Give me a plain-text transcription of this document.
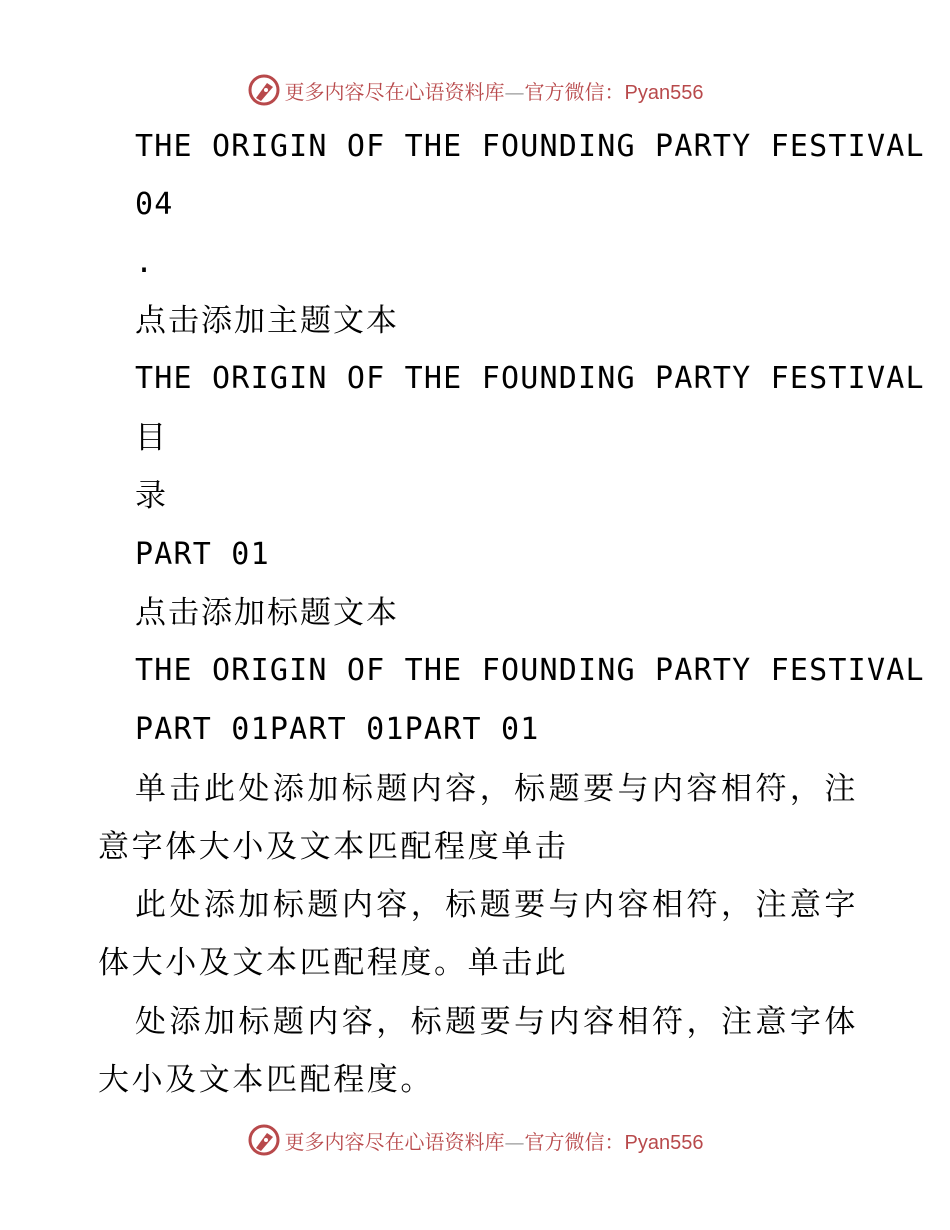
更多内容尽在心语资料库—官方微信：Pyan556
THE ORIGIN OF THE FOUNDING PARTY FESTIVAL
04
.
点击添加主题文本
THE ORIGIN OF THE FOUNDING PARTY FESTIVAL
目
录
PART 01
点击添加标题文本
THE ORIGIN OF THE FOUNDING PARTY FESTIVAL
PART 01PART 01PART 01
单击此处添加标题内容，标题要与内容相符，注意字体大小及文本匹配程度单击
此处添加标题内容，标题要与内容相符，注意字体大小及文本匹配程度。单击此
处添加标题内容，标题要与内容相符，注意字体大小及文本匹配程度。
更多内容尽在心语资料库—官方微信：Pyan556
